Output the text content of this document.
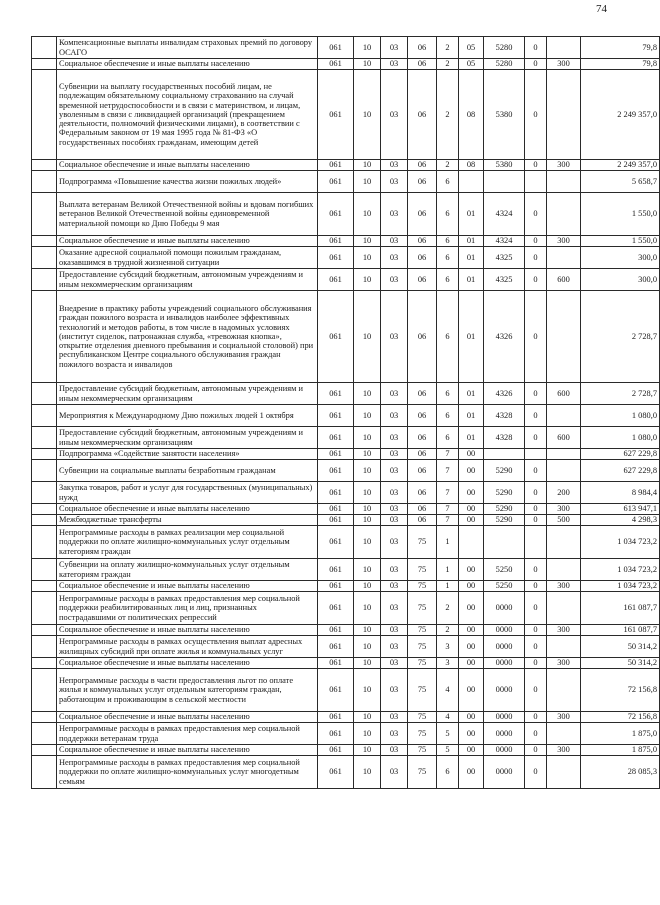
74
	Компенсационные выплаты инвалидам страховых премий по договору ОСАГО	061	10	03	06	2	05	5280	0		79,8
	Социальное обеспечение и иные выплаты населению	061	10	03	06	2	05	5280	0	300	79,8
	Субвенции на выплату государственных пособий лицам, не подлежащим обязательному социальному страхованию на случай временной нетрудоспособности и в связи с материнством, и лицам, уволенным в связи с ликвидацией организаций (прекращением деятельности, полномочий физическими лицами), в соответствии с Федеральным законом от 19 мая 1995 года № 81-ФЗ «О государственных пособиях гражданам, имеющим детей	061	10	03	06	2	08	5380	0		2 249 357,0
	Социальное обеспечение и иные выплаты населению	061	10	03	06	2	08	5380	0	300	2 249 357,0
	Подпрограмма «Повышение качества жизни пожилых людей»	061	10	03	06	6					5 658,7
	Выплата ветеранам Великой Отечественной войны и вдовам погибших ветеранов Великой Отечественной войны единовременной материальной помощи ко Дню Победы 9 мая	061	10	03	06	6	01	4324	0		1 550,0
	Социальное обеспечение и иные выплаты населению	061	10	03	06	6	01	4324	0	300	1 550,0
	Оказание адресной социальной помощи пожилым гражданам, оказавшимся в трудной жизненной ситуации	061	10	03	06	6	01	4325	0		300,0
	Предоставление субсидий бюджетным, автономным учреждениям и иным некоммерческим организациям	061	10	03	06	6	01	4325	0	600	300,0
	Внедрение в практику работы учреждений социального обслуживания граждан пожилого возраста и инвалидов наиболее эффективных технологий и методов работы, в том числе в надомных условиях (институт сиделок, патронажная служба, «тревожная кнопка», открытие отделения дневного пребывания и социальной столовой) при республиканском Центре социального обслуживания граждан пожилого возраста и инвалидов	061	10	03	06	6	01	4326	0		2 728,7
	Предоставление субсидий бюджетным, автономным учреждениям и иным некоммерческим организациям	061	10	03	06	6	01	4326	0	600	2 728,7
	Мероприятия к Международному Дню пожилых людей 1 октября	061	10	03	06	6	01	4328	0		1 080,0
	Предоставление субсидий бюджетным, автономным учреждениям и иным некоммерческим организациям	061	10	03	06	6	01	4328	0	600	1 080,0
	Подпрограмма «Содействие занятости населения»	061	10	03	06	7	00				627 229,8
	Субвенции на социальные выплаты безработным гражданам	061	10	03	06	7	00	5290	0		627 229,8
	Закупка товаров, работ и услуг для государственных (муниципальных) нужд	061	10	03	06	7	00	5290	0	200	8 984,4
	Социальное обеспечение и иные выплаты населению	061	10	03	06	7	00	5290	0	300	613 947,1
	Межбюджетные трансферты	061	10	03	06	7	00	5290	0	500	4 298,3
	Непрограммные расходы в рамках реализации мер социальной поддержки по оплате жилищно-коммунальных услуг отдельным категориям граждан	061	10	03	75	1					1 034 723,2
	Субвенции на оплату жилищно-коммунальных услуг отдельным категориям граждан	061	10	03	75	1	00	5250	0		1 034 723,2
	Социальное обеспечение и иные выплаты населению	061	10	03	75	1	00	5250	0	300	1 034 723,2
	Непрограммные расходы в рамках предоставления мер социальной поддержки реабилитированных лиц и лиц, признанных пострадавшими от политических репрессий	061	10	03	75	2	00	0000	0		161 087,7
	Социальное обеспечение и иные выплаты населению	061	10	03	75	2	00	0000	0	300	161 087,7
	Непрограммные расходы в рамках осуществления выплат адресных жилищных субсидий при оплате жилья и коммунальных услуг	061	10	03	75	3	00	0000	0		50 314,2
	Социальное обеспечение и иные выплаты населению	061	10	03	75	3	00	0000	0	300	50 314,2
	Непрограммные расходы в части предоставления льгот по оплате жилья и коммунальных услуг отдельным категориям граждан, работающим и проживающим в сельской местности	061	10	03	75	4	00	0000	0		72 156,8
	Социальное обеспечение и иные выплаты населению	061	10	03	75	4	00	0000	0	300	72 156,8
	Непрограммные расходы в рамках предоставления мер социальной поддержки ветеранам труда	061	10	03	75	5	00	0000	0		1 875,0
	Социальное обеспечение и иные выплаты населению	061	10	03	75	5	00	0000	0	300	1 875,0
	Непрограммные расходы в рамках предоставления мер социальной поддержки по оплате жилищно-коммунальных услуг многодетным семьям	061	10	03	75	6	00	0000	0		28 085,3
